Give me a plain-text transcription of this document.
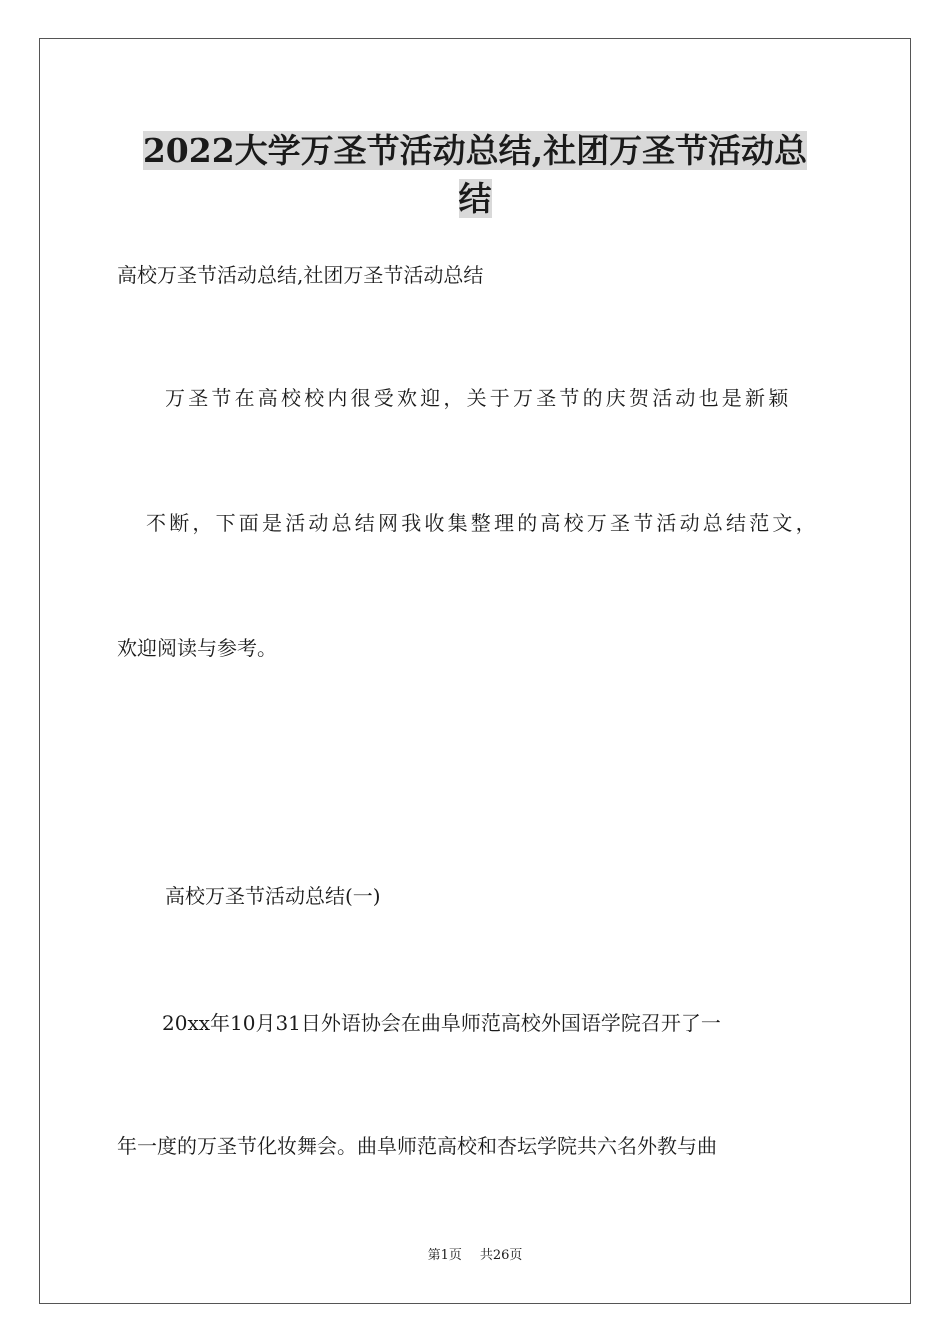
2022大学万圣节活动总结,社团万圣节活动总
结

高校万圣节活动总结,社团万圣节活动总结

万圣节在高校校内很受欢迎，关于万圣节的庆贺活动也是新颖

不断，下面是活动总结网我收集整理的高校万圣节活动总结范文，

欢迎阅读与参考。

高校万圣节活动总结(一)

20xx年10月31日外语协会在曲阜师范高校外国语学院召开了一

年一度的万圣节化妆舞会。曲阜师范高校和杏坛学院共六名外教与曲

第1页 共26页
